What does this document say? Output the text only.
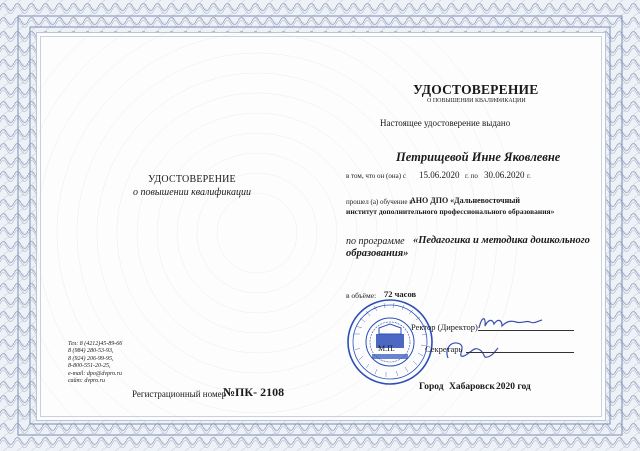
УДОСТОВЕРЕНИЕ
о повышении квалификации
Тел: 8 (4212)45-89-66
8 (984) 280-53-93,
8 (924) 206-99-95,
8-800-551-20-25,
e-mail: dpo@dvpro.ru
сайт: dvpro.ru
Регистрационный номер
№ПК- 2108
УДОСТОВЕРЕНИЕ
О ПОВЫШЕНИИ КВАЛИФИКАЦИИ
Настоящее удостоверение выдано
Петрищевой Инне Яковлевне
в том, что он (она) с 15.06.2020 г. по 30.06.2020 г.
прошел (а) обучение в
АНО ДПО «Дальневосточный
институт дополнительного профессионального образования»
по программе «Педагогика и методика дошкольного
образования»
в объёме: 72 часов
Ректор (Директор)
М.П.	Секретарь
Город Хабаровск 2020 год
